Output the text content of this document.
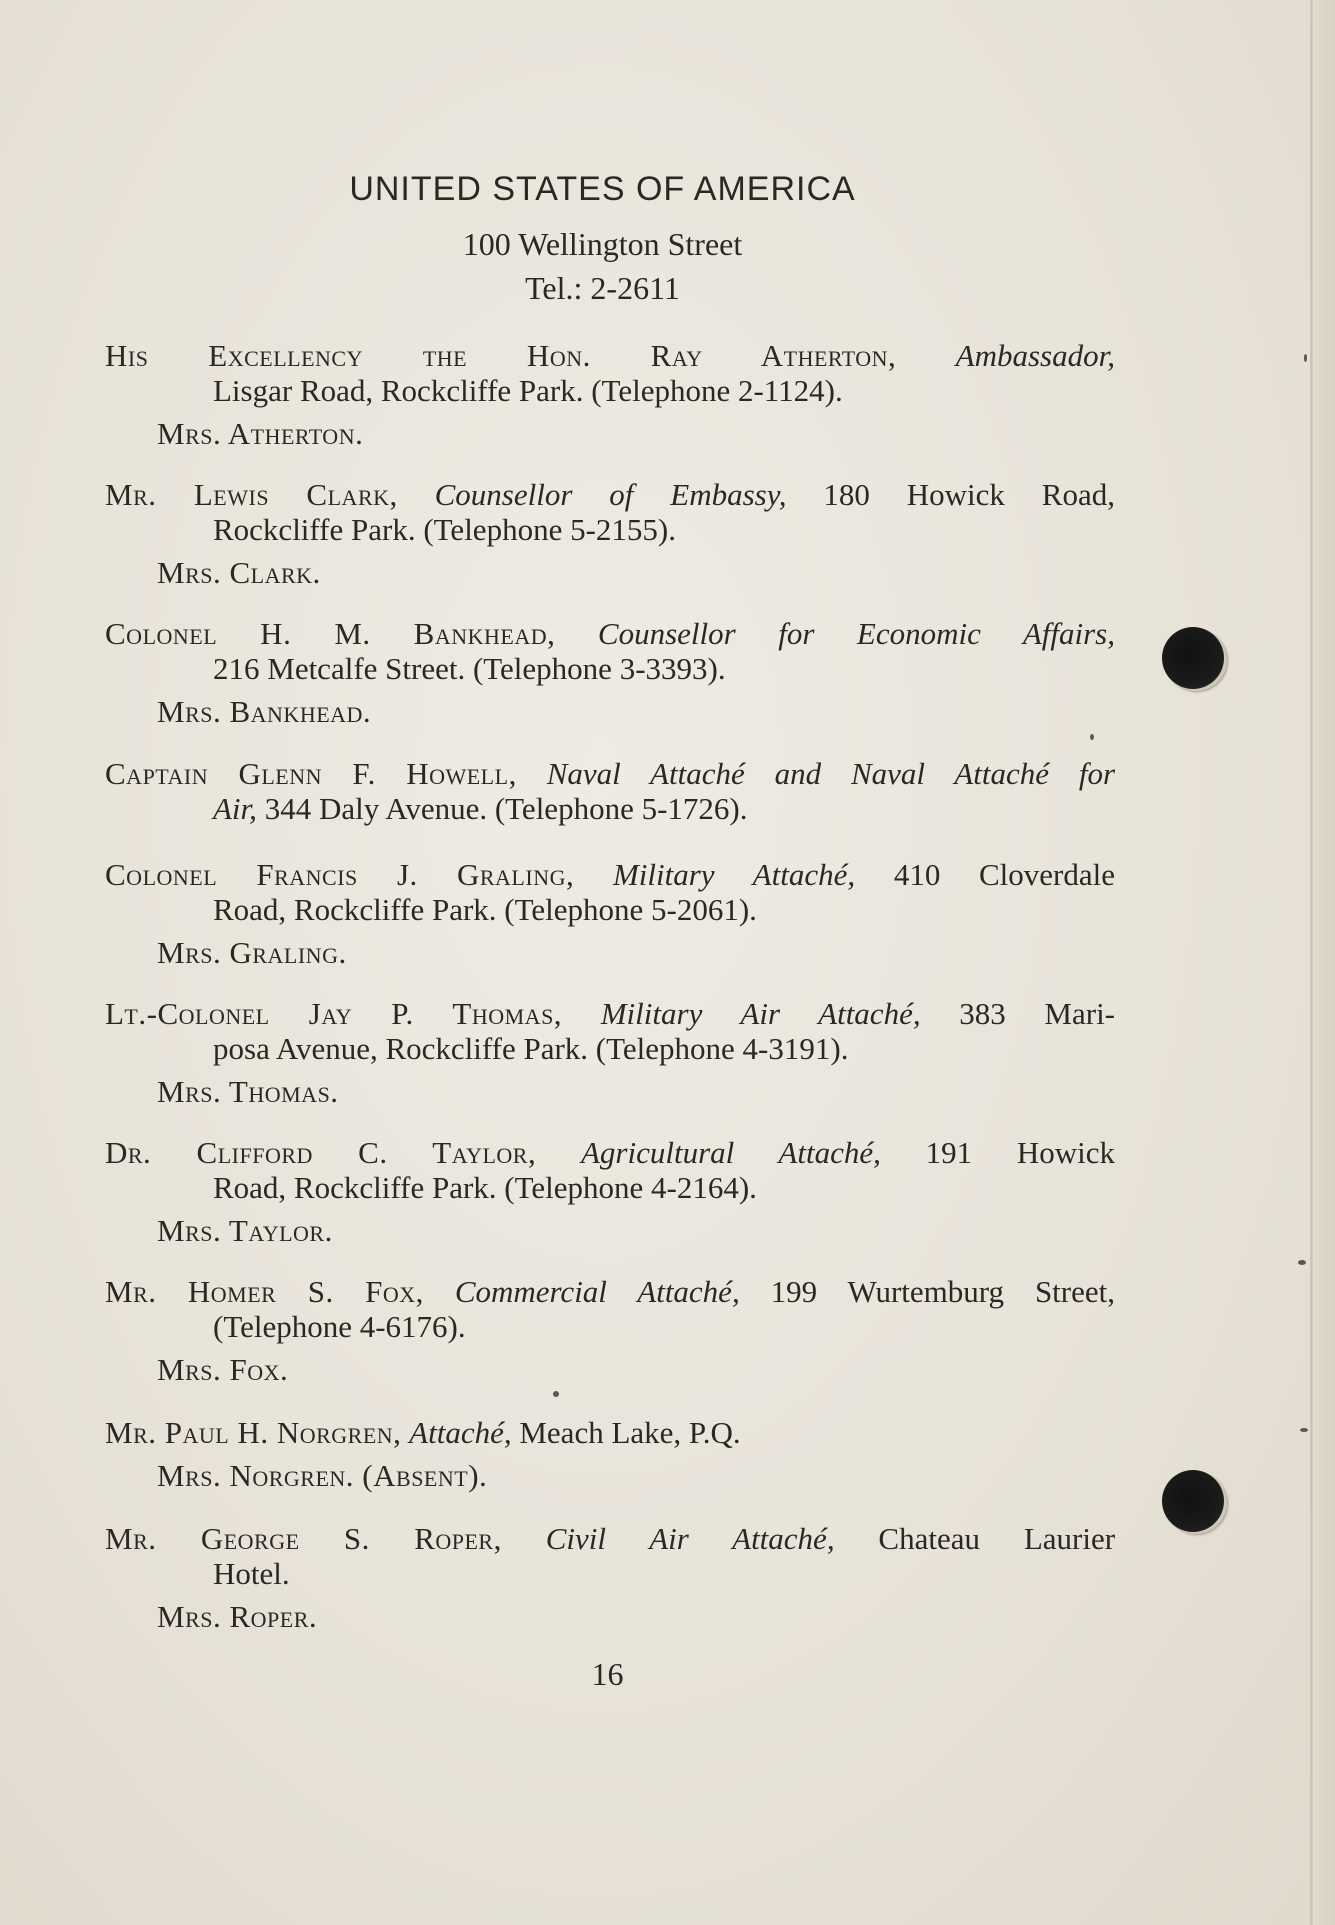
UNITED STATES OF AMERICA
100 Wellington Street
Tel.: 2-2611
His Excellency the Hon. Ray Atherton, Ambassador,
Lisgar Road, Rockcliffe Park. (Telephone 2-1124).
Mrs. Atherton.
Mr. Lewis Clark, Counsellor of Embassy, 180 Howick Road,
Rockcliffe Park. (Telephone 5-2155).
Mrs. Clark.
Colonel H. M. Bankhead, Counsellor for Economic Affairs,
216 Metcalfe Street. (Telephone 3-3393).
Mrs. Bankhead.
Captain Glenn F. Howell, Naval Attaché and Naval Attaché for
Air, 344 Daly Avenue. (Telephone 5-1726).
Colonel Francis J. Graling, Military Attaché, 410 Cloverdale
Road, Rockcliffe Park. (Telephone 5-2061).
Mrs. Graling.
Lt.-Colonel Jay P. Thomas, Military Air Attaché, 383 Mari-
posa Avenue, Rockcliffe Park. (Telephone 4-3191).
Mrs. Thomas.
Dr. Clifford C. Taylor, Agricultural Attaché, 191 Howick
Road, Rockcliffe Park. (Telephone 4-2164).
Mrs. Taylor.
Mr. Homer S. Fox, Commercial Attaché, 199 Wurtemburg Street,
(Telephone 4-6176).
Mrs. Fox.
Mr. Paul H. Norgren, Attaché, Meach Lake, P.Q.
Mrs. Norgren. (Absent).
Mr. George S. Roper, Civil Air Attaché, Chateau Laurier
Hotel.
Mrs. Roper.
16
